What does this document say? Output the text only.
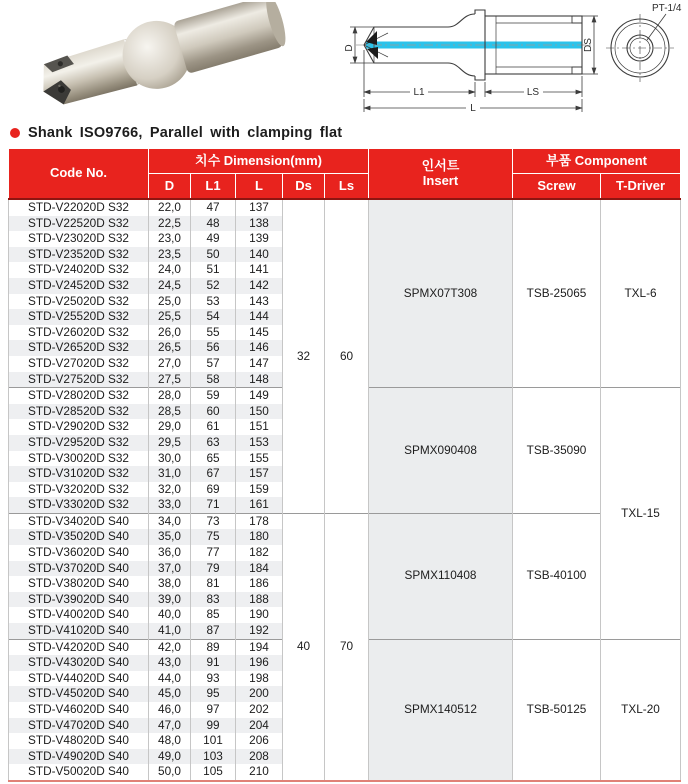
D
L1	LS
L
DS
PT-1/4
Shank ISO9766, Parallel with clamping flat
Code No.	치수 Dimension(mm)					인서트
Insert	부품 Component	
	D	L1	L	Ds	Ls		Screw	T-Driver
STD-V22020D S32	22,0	47	137	32	60	SPMX07T308	TSB-25065	TXL-6
STD-V22520D S32	22,5	48	138					
STD-V23020D S32	23,0	49	139					
STD-V23520D S32	23,5	50	140					
STD-V24020D S32	24,0	51	141					
STD-V24520D S32	24,5	52	142					
STD-V25020D S32	25,0	53	143					
STD-V25520D S32	25,5	54	144					
STD-V26020D S32	26,0	55	145					
STD-V26520D S32	26,5	56	146					
STD-V27020D S32	27,0	57	147					
STD-V27520D S32	27,5	58	148					
STD-V28020D S32	28,0	59	149			SPMX090408	TSB-35090	TXL-15
STD-V28520D S32	28,5	60	150					
STD-V29020D S32	29,0	61	151					
STD-V29520D S32	29,5	63	153					
STD-V30020D S32	30,0	65	155					
STD-V31020D S32	31,0	67	157					
STD-V32020D S32	32,0	69	159					
STD-V33020D S32	33,0	71	161					
STD-V34020D S40	34,0	73	178	40	70	SPMX110408	TSB-40100	
STD-V35020D S40	35,0	75	180					
STD-V36020D S40	36,0	77	182					
STD-V37020D S40	37,0	79	184					
STD-V38020D S40	38,0	81	186					
STD-V39020D S40	39,0	83	188					
STD-V40020D S40	40,0	85	190					
STD-V41020D S40	41,0	87	192					
STD-V42020D S40	42,0	89	194			SPMX140512	TSB-50125	TXL-20
STD-V43020D S40	43,0	91	196					
STD-V44020D S40	44,0	93	198					
STD-V45020D S40	45,0	95	200					
STD-V46020D S40	46,0	97	202					
STD-V47020D S40	47,0	99	204					
STD-V48020D S40	48,0	101	206					
STD-V49020D S40	49,0	103	208					
STD-V50020D S40	50,0	105	210					
